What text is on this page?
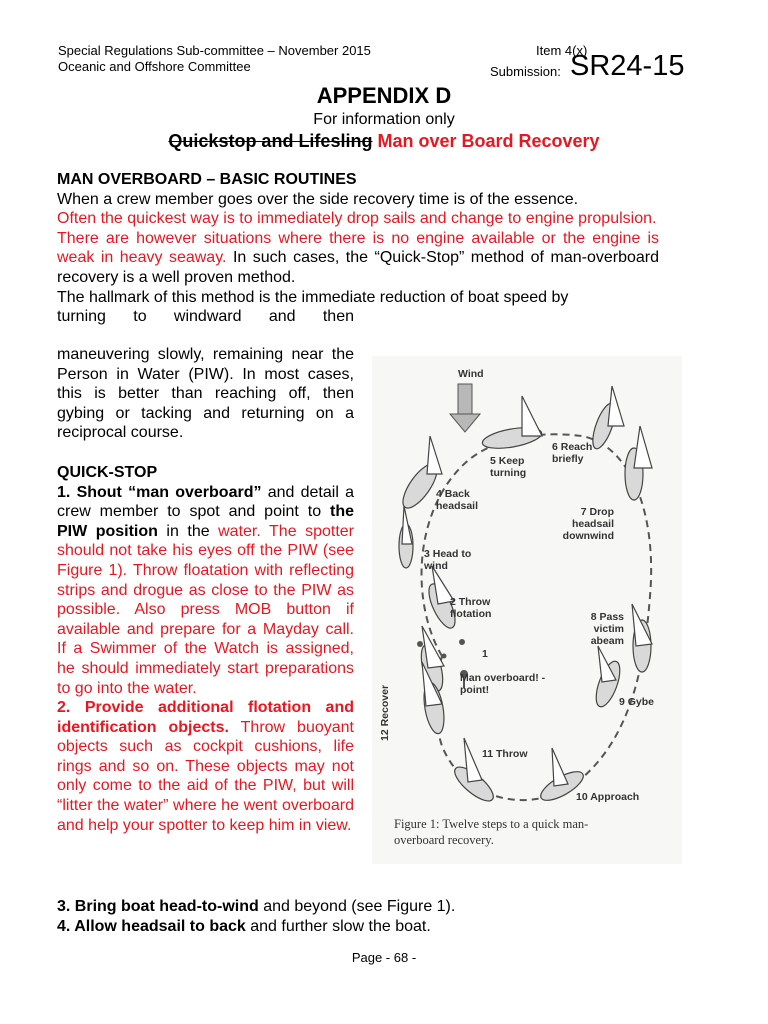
Special Regulations Sub-committee – November 2015
Oceanic and Offshore Committee
Item 4(x)
Submission: SR24-15
APPENDIX D
For information only
Quickstop and Lifesling Man over Board Recovery
MAN OVERBOARD – BASIC ROUTINES
When a crew member goes over the side recovery time is of the essence.
Often the quickest way is to immediately drop sails and change to engine propulsion.
There are however situations where there is no engine available or the engine is weak in heavy seaway. In such cases, the “Quick-Stop” method of man-overboard recovery is a well proven method.
The hallmark of this method is the immediate reduction of boat speed by
turning to windward and then
maneuvering slowly, remaining near the Person in Water (PIW). In most cases, this is better than reaching off, then gybing or tacking and returning on a reciprocal course.
QUICK-STOP
1. Shout “man overboard” and detail a crew member to spot and point to the PIW position in the water. The spotter should not take his eyes off the PIW (see Figure 1). Throw floatation with reflecting strips and drogue as close to the PIW as possible. Also press MOB button if available and prepare for a Mayday call. If a Swimmer of the Watch is assigned, he should immediately start preparations to go into the water.
2. Provide additional flotation and identification objects. Throw buoyant objects such as cockpit cushions, life rings and so on. These objects may not only come to the aid of the PIW, but will “litter the water” where he went overboard and help your spotter to keep him in view.
3. Bring boat head-to-wind and beyond (see Figure 1).
4. Allow headsail to back and further slow the boat.
Wind
5 Keep turning
6 Reach briefly
4 Back headsail	7 Drop headsail downwind
3 Head to wind
2 Throw flotation	8 Pass victim abeam
1
Man overboard! - point!
9 Gybe
11 Throw
10 Approach
12 Recover
Figure 1: Twelve steps to a quick man-overboard recovery.
Page - 68 -
